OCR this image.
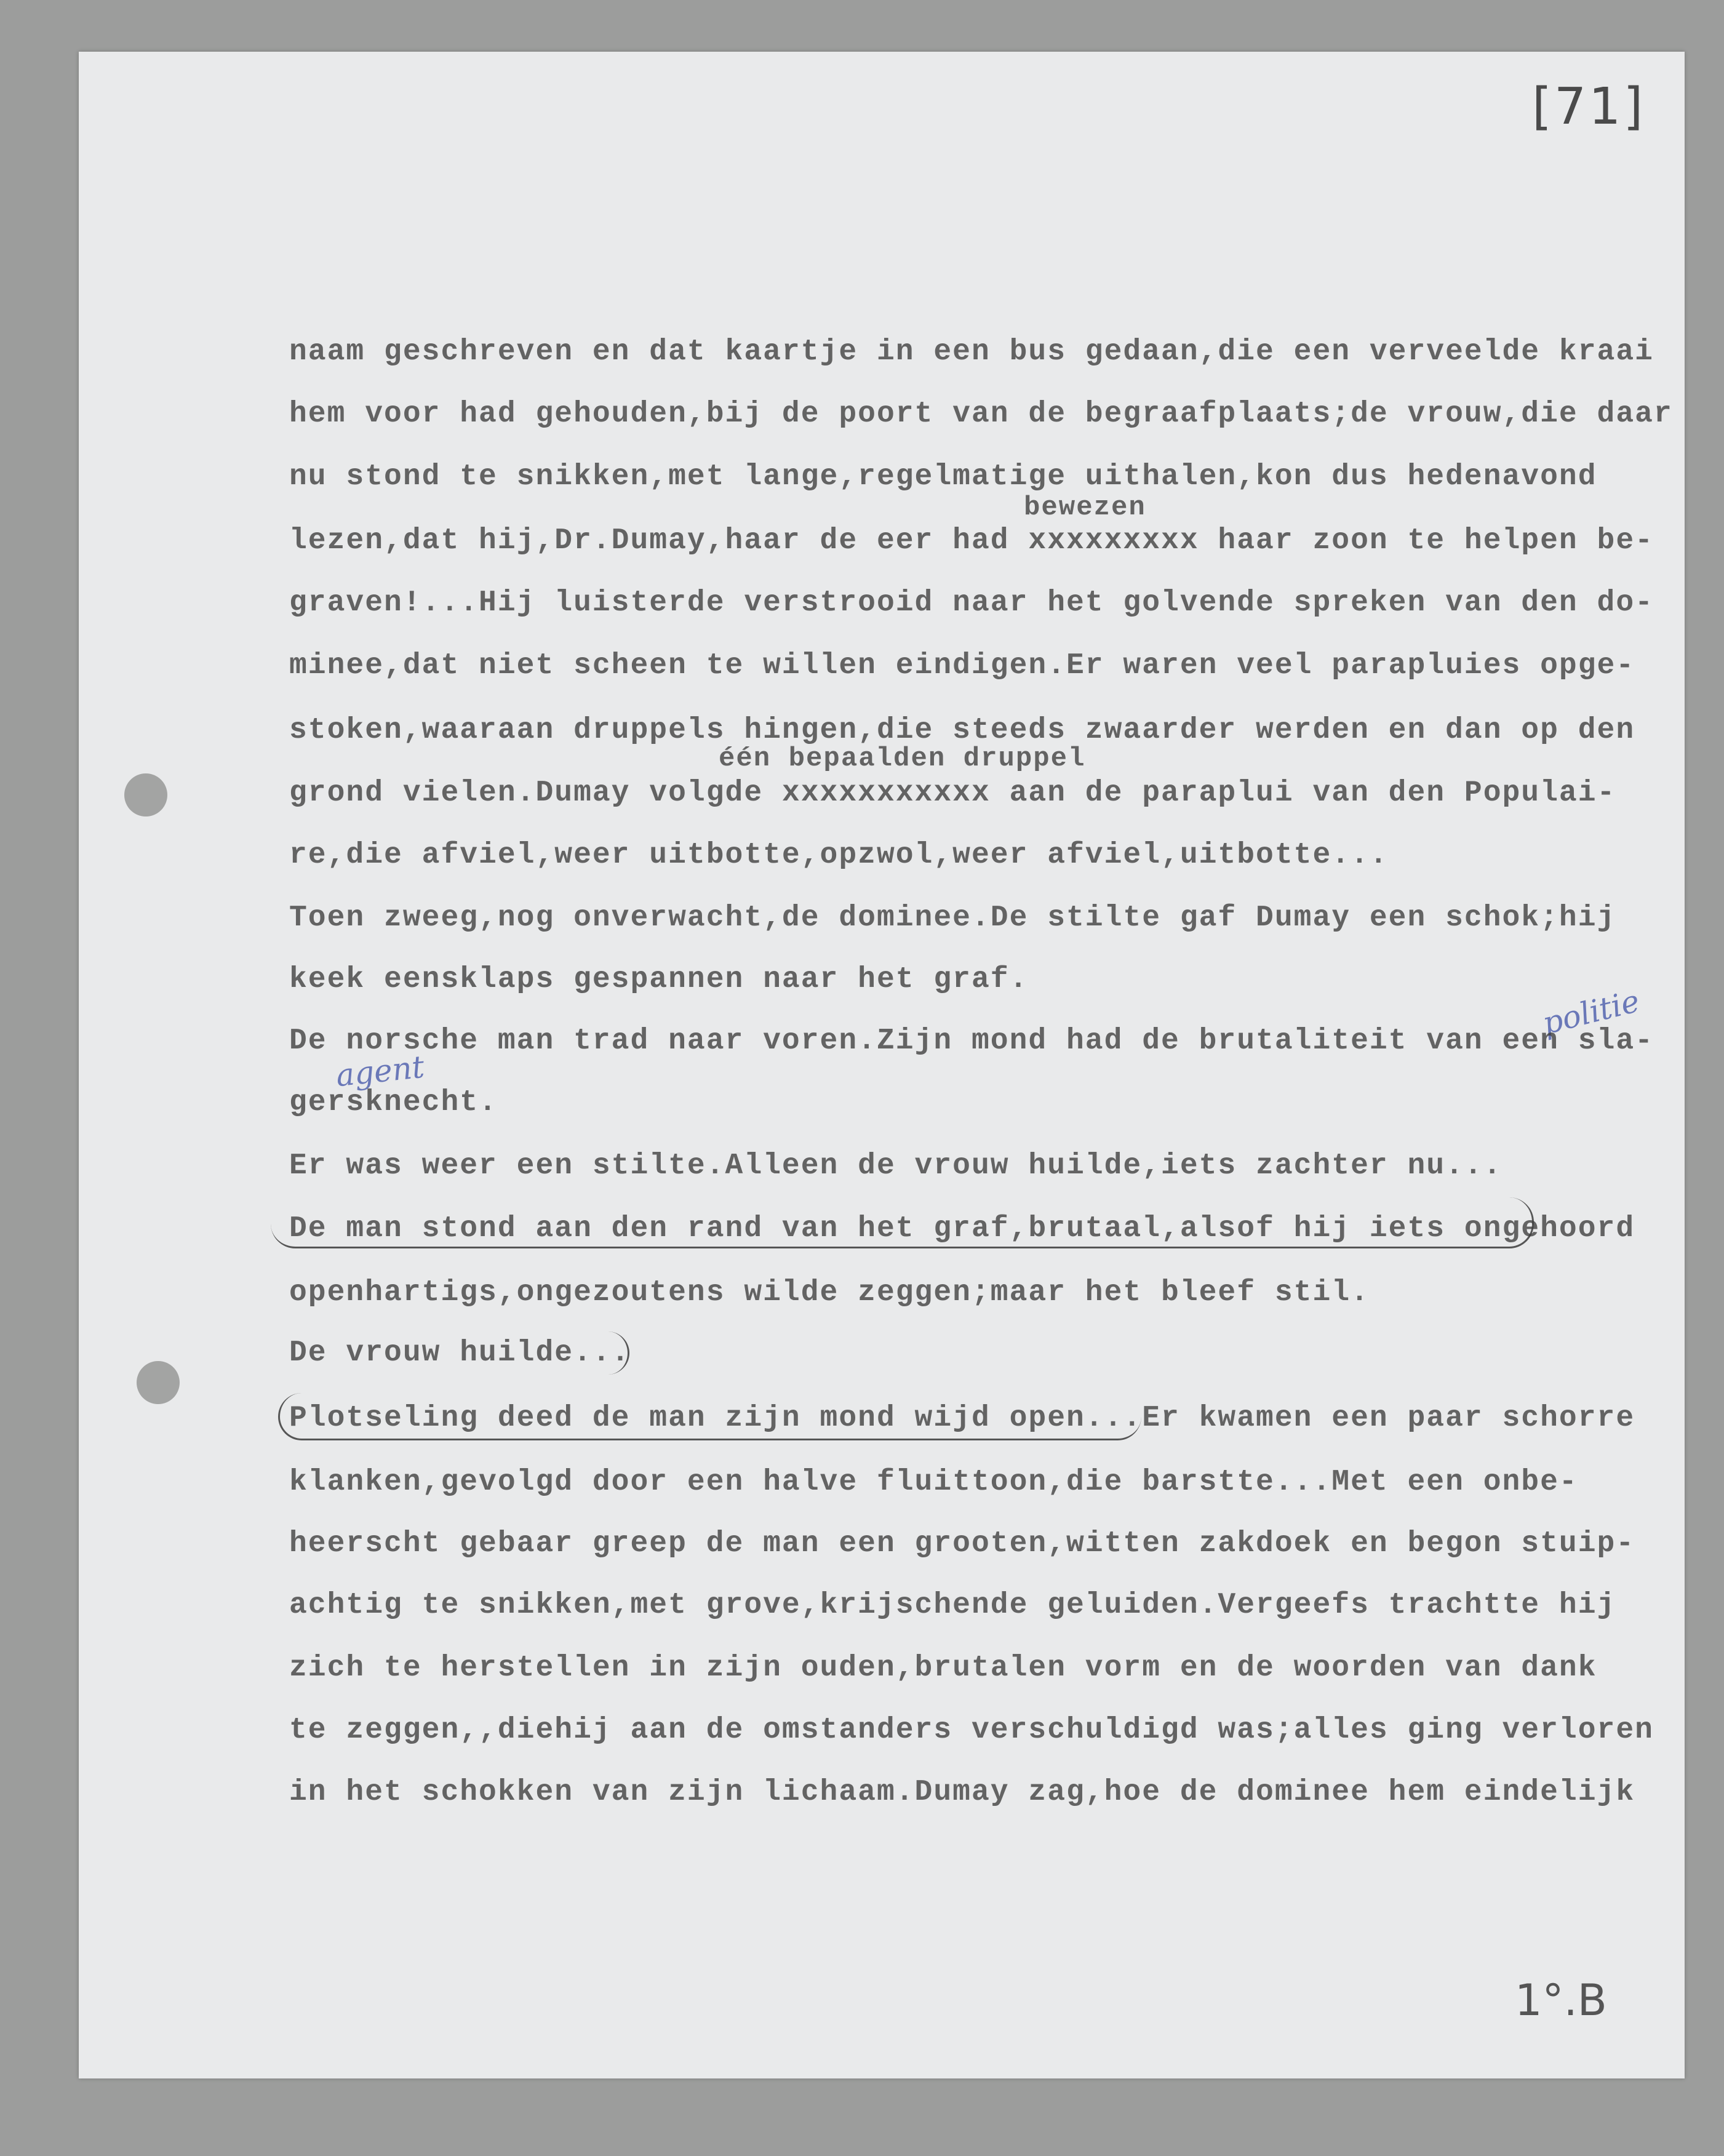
[71]
bewezen
één bepaalden druppel
politie
agent
naam geschreven en dat kaartje in een bus gedaan,die een verveelde kraai
hem voor had gehouden,bij de poort van de begraafplaats;de vrouw,die daar
nu stond te snikken,met lange,regelmatige uithalen,kon dus hedenavond
lezen,dat hij,Dr.Dumay,haar de eer had xxxxxxxxx haar zoon te helpen be-
graven!...Hij luisterde verstrooid naar het golvende spreken van den do-
minee,dat niet scheen te willen eindigen.Er waren veel parapluies opge-
stoken,waaraan druppels hingen,die steeds zwaarder werden en dan op den
grond vielen.Dumay volgde xxxxxxxxxxx aan de paraplui van den Populai-
re,die afviel,weer uitbotte,opzwol,weer afviel,uitbotte...
Toen zweeg,nog onverwacht,de dominee.De stilte gaf Dumay een schok;hij
keek eensklaps gespannen naar het graf.
De norsche man trad naar voren.Zijn mond had de brutaliteit van een sla-
gersknecht.
Er was weer een stilte.Alleen de vrouw huilde,iets zachter nu...
De man stond aan den rand van het graf,brutaal,alsof hij iets ongehoord
openhartigs,ongezoutens wilde zeggen;maar het bleef stil.
De vrouw huilde...
Plotseling deed de man zijn mond wijd open...Er kwamen een paar schorre
klanken,gevolgd door een halve fluittoon,die barstte...Met een onbe-
heerscht gebaar greep de man een grooten,witten zakdoek en begon stuip-
achtig te snikken,met grove,krijschende geluiden.Vergeefs trachtte hij
zich te herstellen in zijn ouden,brutalen vorm en de woorden van dank
te zeggen,,diehij aan de omstanders verschuldigd was;alles ging verloren
in het schokken van zijn lichaam.Dumay zag,hoe de dominee hem eindelijk
1°.B
